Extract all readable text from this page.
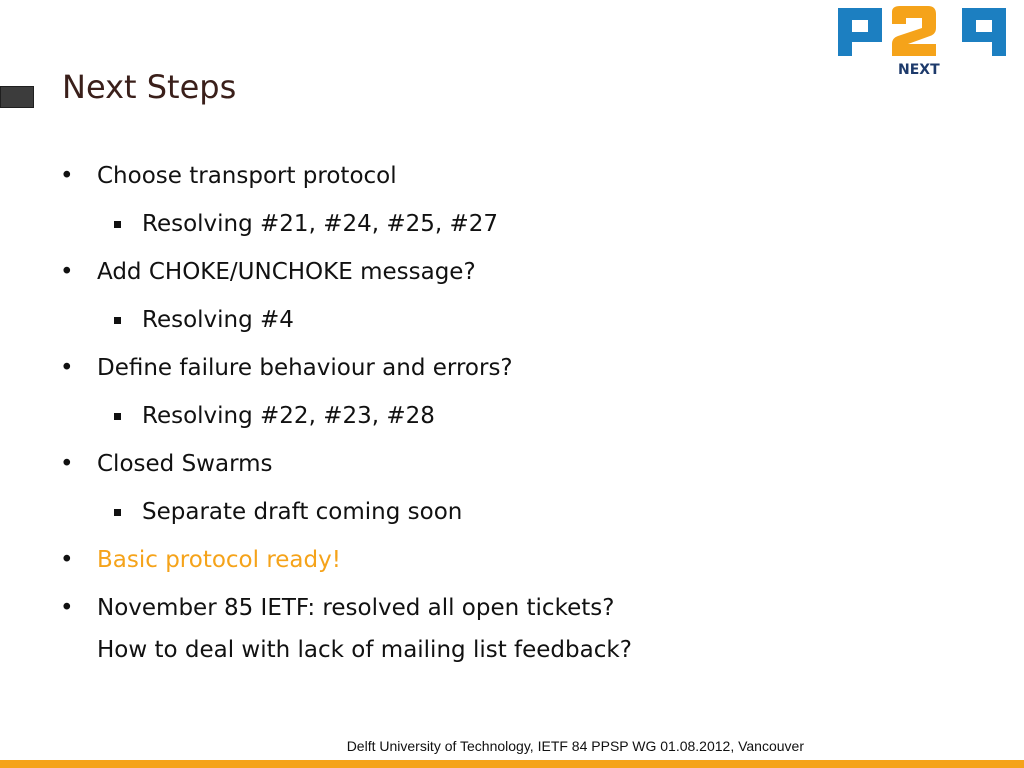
Next Steps	NEXT
• Choose transport protocol
Resolving #21, #24, #25, #27
• Add CHOKE/UNCHOKE message?
Resolving #4
• Define failure behaviour and errors?
Resolving #22, #23, #28
• Closed Swarms
Separate draft coming soon
• Basic protocol ready!
• November 85 IETF: resolved all open tickets?
How to deal with lack of mailing list feedback?
Delft University of Technology, IETF 84 PPSP WG 01.08.2012, Vancouver
